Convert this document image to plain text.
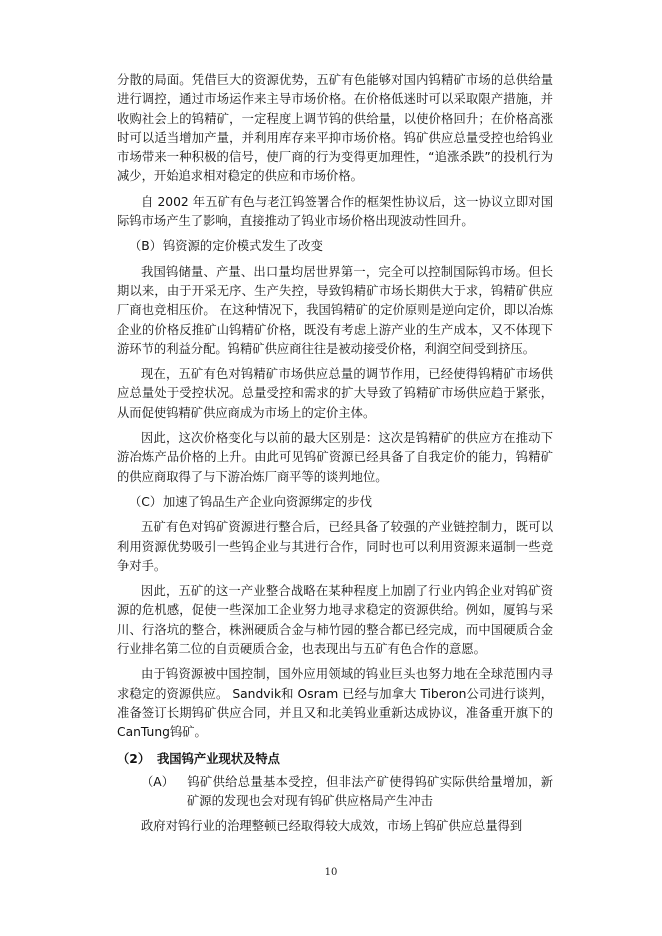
分散的局面。凭借巨大的资源优势，五矿有色能够对国内钨精矿市场的总供给量进行调控，通过市场运作来主导市场价格。在价格低迷时可以采取限产措施，并收购社会上的钨精矿，一定程度上调节钨的供给量，以使价格回升；在价格高涨时可以适当增加产量，并利用库存来平抑市场价格。钨矿供应总量受控也给钨业市场带来一种积极的信号，使厂商的行为变得更加理性，“追涨杀跌”的投机行为减少，开始追求相对稳定的供应和市场价格。

自 2002 年五矿有色与老江钨签署合作的框架性协议后，这一协议立即对国际钨市场产生了影响，直接推动了钨业市场价格出现波动性回升。

（B）钨资源的定价模式发生了改变

我国钨储量、产量、出口量均居世界第一，完全可以控制国际钨市场。但长期以来，由于开采无序、生产失控，导致钨精矿市场长期供大于求，钨精矿供应厂商也竞相压价。 在这种情况下，我国钨精矿的定价原则是逆向定价，即以冶炼企业的价格反推矿山钨精矿价格，既没有考虑上游产业的生产成本，又不体现下游环节的利益分配。钨精矿供应商往往是被动接受价格，利润空间受到挤压。

现在，五矿有色对钨精矿市场供应总量的调节作用，已经使得钨精矿市场供应总量处于受控状况。总量受控和需求的扩大导致了钨精矿市场供应趋于紧张，从而促使钨精矿供应商成为市场上的定价主体。

因此，这次价格变化与以前的最大区别是：这次是钨精矿的供应方在推动下游冶炼产品价格的上升。由此可见钨矿资源已经具备了自我定价的能力，钨精矿的供应商取得了与下游冶炼厂商平等的谈判地位。

（C）加速了钨品生产企业向资源绑定的步伐

五矿有色对钨矿资源进行整合后，已经具备了较强的产业链控制力，既可以利用资源优势吸引一些钨企业与其进行合作，同时也可以利用资源来逼制一些竞争对手。

因此，五矿的这一产业整合战略在某种程度上加剧了行业内钨企业对钨矿资源的危机感，促使一些深加工企业努力地寻求稳定的资源供给。例如，厦钨与采川、行洛坑的整合，株洲硬质合金与柿竹园的整合都已经完成，而中国硬质合金行业排名第二位的自贡硬质合金，也表现出与五矿有色合作的意愿。

由于钨资源被中国控制，国外应用领域的钨业巨头也努力地在全球范围内寻求稳定的资源供应。 Sandvik和 Osram 已经与加拿大 Tiberon公司进行谈判，准备签订长期钨矿供应合同，并且又和北美钨业重新达成协议，准备重开旗下的 CanTung钨矿。

（2） 我国钨产业现状及特点
（A） 钨矿供给总量基本受控，但非法产矿使得钨矿实际供给量增加，新矿源的发现也会对现有钨矿供应格局产生冲击

政府对钨行业的治理整顿已经取得较大成效，市场上钨矿供应总量得到

10
